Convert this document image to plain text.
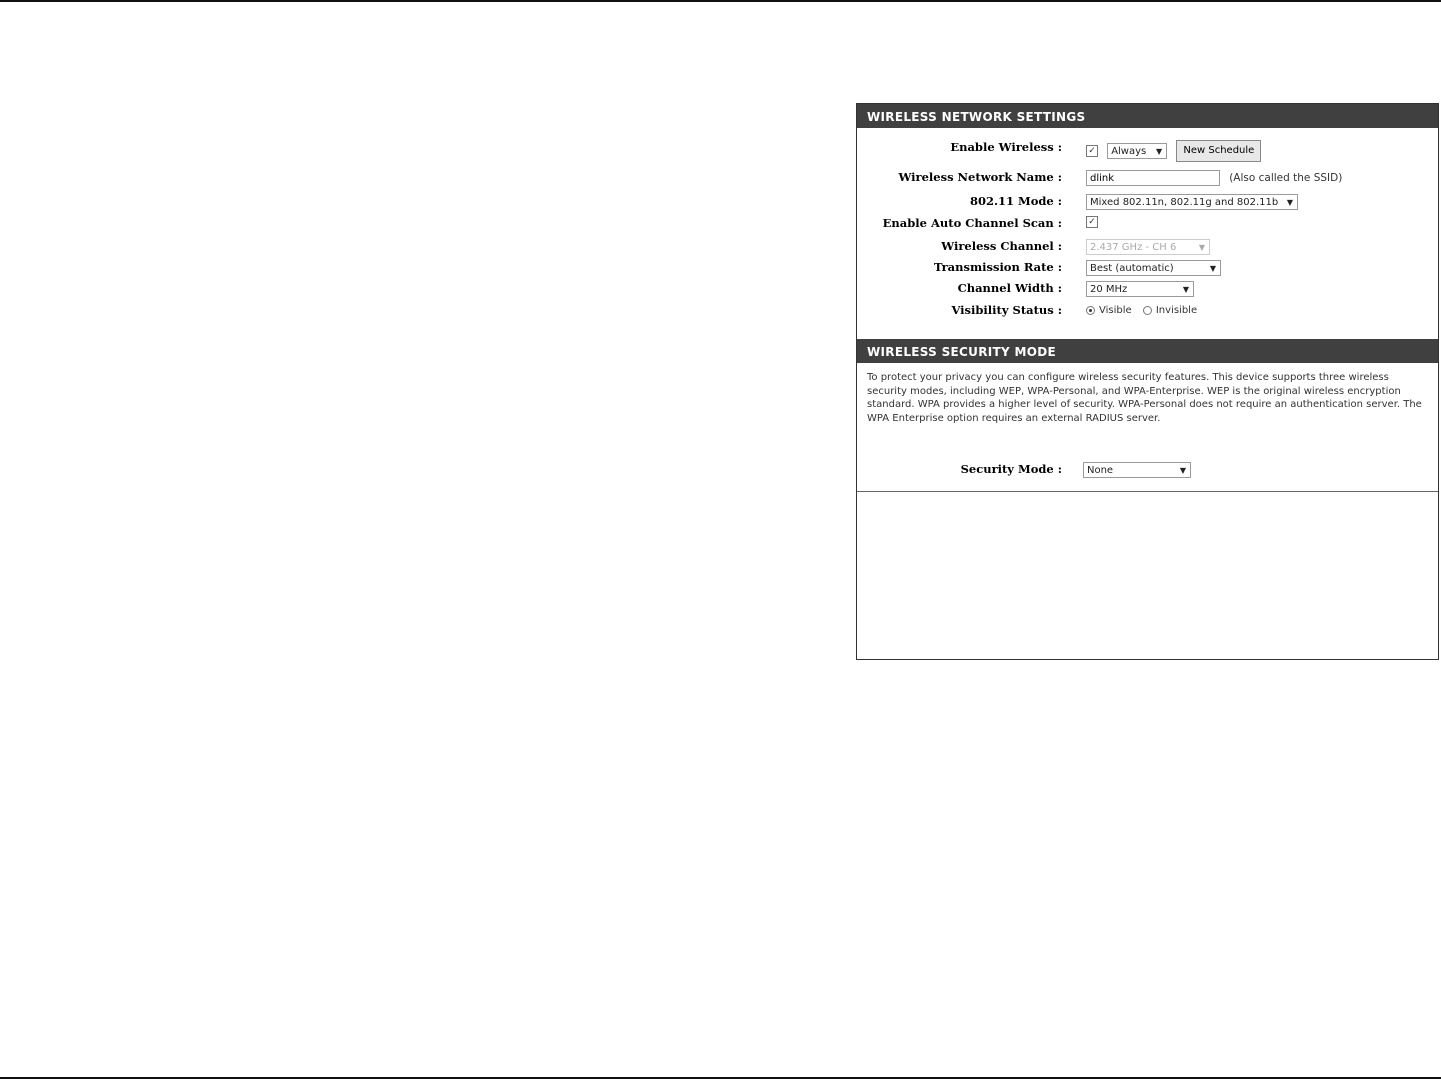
WIRELESS NETWORK SETTINGS
Enable Wireless :	✓ Always ▼ New Schedule
Wireless Network Name :	dlink	(Also called the SSID)
802.11 Mode :	Mixed 802.11n, 802.11g and 802.11b ▼
Enable Auto Channel Scan :	✓
Wireless Channel :	2.437 GHz - CH 6	▼
Transmission Rate :	Best (automatic)	▼
Channel Width :	20 MHz	▼
Visibility Status :	Visible Invisible
WIRELESS SECURITY MODE
To protect your privacy you can configure wireless security features. This device supports three wireless security modes, including WEP, WPA-Personal, and WPA-Enterprise. WEP is the original wireless encryption standard. WPA provides a higher level of security. WPA-Personal does not require an authentication server. The WPA Enterprise option requires an external RADIUS server.
Security Mode :	None	▼
